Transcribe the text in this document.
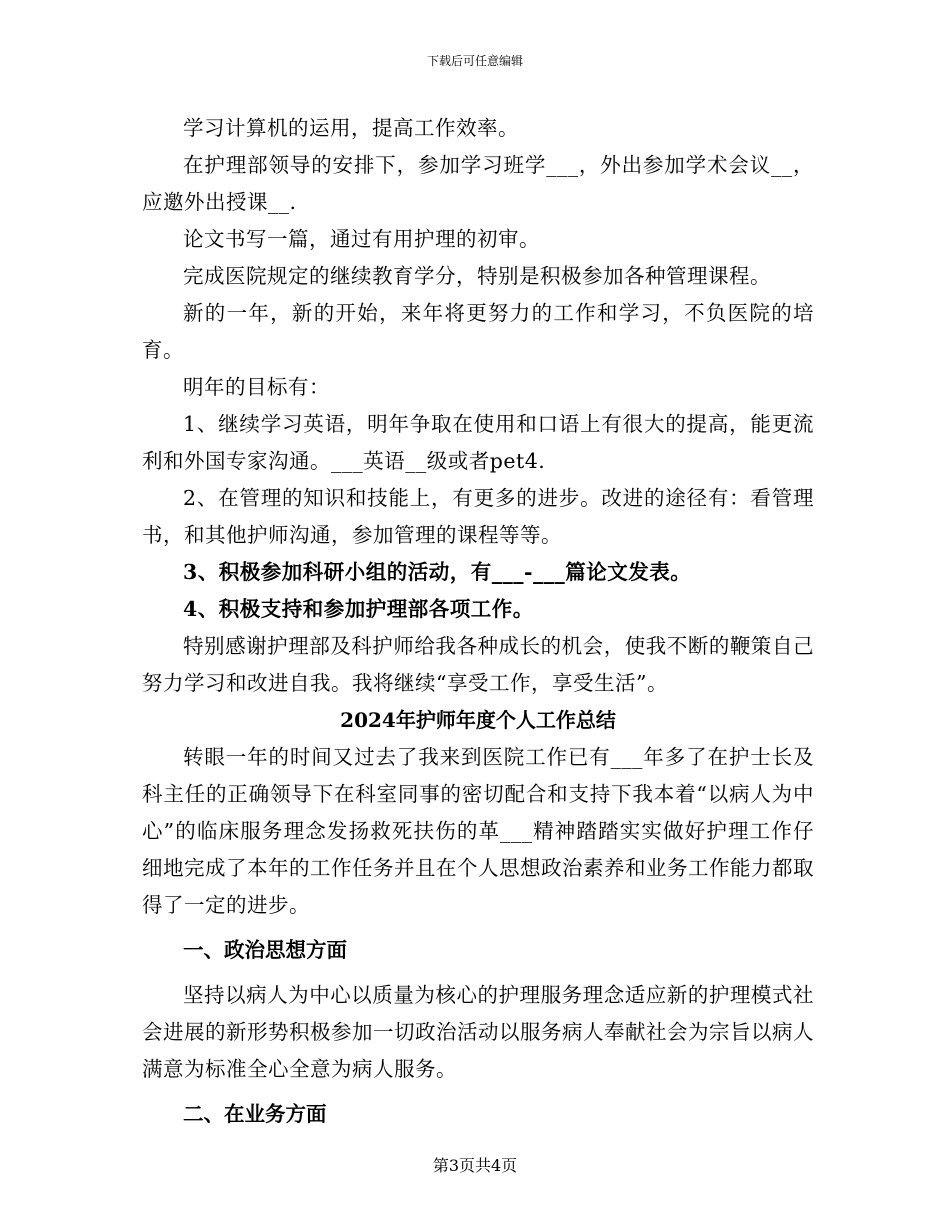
下载后可任意编辑

学习计算机的运用，提高工作效率。

在护理部领导的安排下，参加学习班学___，外出参加学术会议__，应邀外出授课__.

论文书写一篇，通过有用护理的初审。

完成医院规定的继续教育学分，特别是积极参加各种管理课程。

新的一年，新的开始，来年将更努力的工作和学习，不负医院的培育。

明年的目标有：

1、继续学习英语，明年争取在使用和口语上有很大的提高，能更流利和外国专家沟通。___英语__级或者pet4.

2、在管理的知识和技能上，有更多的进步。改进的途径有：看管理书，和其他护师沟通，参加管理的课程等等。

3、积极参加科研小组的活动，有___-___篇论文发表。

4、积极支持和参加护理部各项工作。

特别感谢护理部及科护师给我各种成长的机会，使我不断的鞭策自己努力学习和改进自我。我将继续“享受工作，享受生活”。

2024年护师年度个人工作总结

转眼一年的时间又过去了我来到医院工作已有___年多了在护士长及科主任的正确领导下在科室同事的密切配合和支持下我本着“以病人为中心”的临床服务理念发扬救死扶伤的革___精神踏踏实实做好护理工作仔细地完成了本年的工作任务并且在个人思想政治素养和业务工作能力都取得了一定的进步。

一、政治思想方面

坚持以病人为中心以质量为核心的护理服务理念适应新的护理模式社会进展的新形势积极参加一切政治活动以服务病人奉献社会为宗旨以病人满意为标准全心全意为病人服务。

二、在业务方面

第3页共4页
